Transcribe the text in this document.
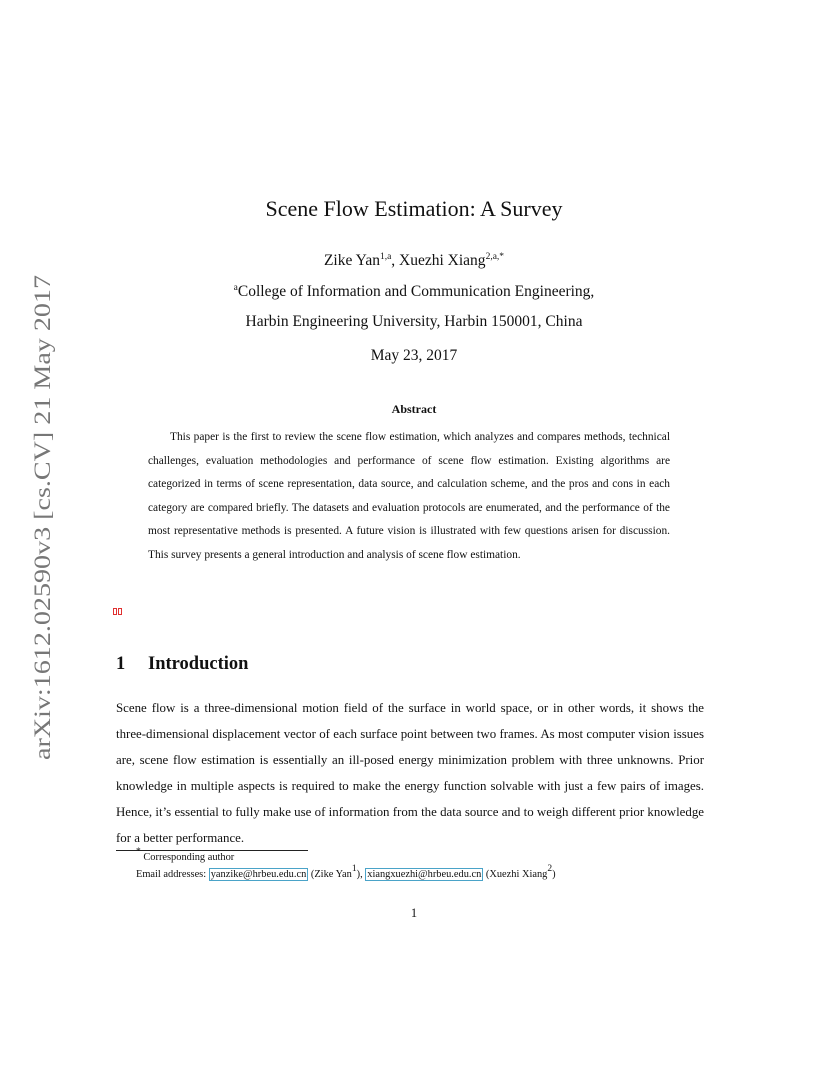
arXiv:1612.02590v3 [cs.CV] 21 May 2017
Scene Flow Estimation: A Survey
Zike Yan$^{1,a}$, Xuezhi Xiang$^{2,a,*}$
$^a$College of Information and Communication Engineering,
Harbin Engineering University, Harbin 150001, China
May 23, 2017
Abstract

This paper is the first to review the scene flow estimation, which analyzes and compares methods, technical challenges, evaluation methodologies and performance of scene flow estimation. Existing algorithms are categorized in terms of scene representation, data source, and calculation scheme, and the pros and cons in each category are compared briefly. The datasets and evaluation protocols are enumerated, and the performance of the most representative methods is presented. A future vision is illustrated with few questions arisen for discussion. This survey presents a general introduction and analysis of scene flow estimation.

1 Introduction

Scene flow is a three-dimensional motion field of the surface in world space, or in other words, it shows the three-dimensional displacement vector of each surface point between two frames. As most computer vision issues are, scene flow estimation is essentially an ill-posed energy minimization problem with three unknowns. Prior knowledge in multiple aspects is required to make the energy function solvable with just a few pairs of images. Hence, it’s essential to fully make use of information from the data source and to weigh different prior knowledge for a better performance.

* Corresponding author
Email addresses: yanzike@hrbeu.edu.cn (Zike Yan$^1$), xiangxuezhi@hrbeu.edu.cn (Xuezhi Xiang$^2$)
1
